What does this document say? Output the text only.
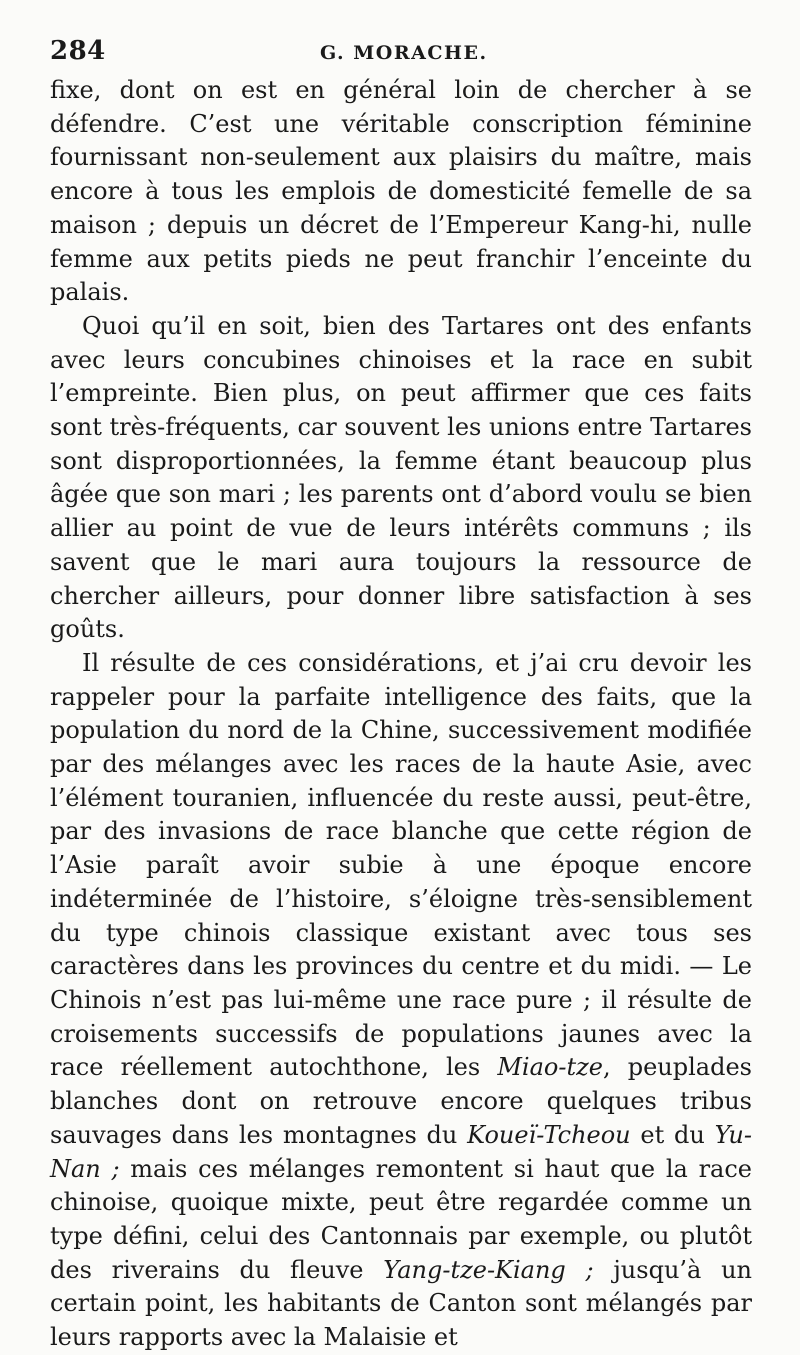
284	G. MORACHE.

fixe, dont on est en général loin de chercher à se défendre. C’est une véritable conscription féminine fournissant non-seulement aux plaisirs du maître, mais encore à tous les emplois de domesticité femelle de sa maison ; depuis un décret de l’Empereur Kang-hi, nulle femme aux petits pieds ne peut franchir l’enceinte du palais.

Quoi qu’il en soit, bien des Tartares ont des enfants avec leurs concubines chinoises et la race en subit l’empreinte. Bien plus, on peut affirmer que ces faits sont très-fréquents, car souvent les unions entre Tartares sont disproportionnées, la femme étant beaucoup plus âgée que son mari ; les parents ont d’abord voulu se bien allier au point de vue de leurs intérêts communs ; ils savent que le mari aura toujours la ressource de chercher ailleurs, pour donner libre satisfaction à ses goûts.

Il résulte de ces considérations, et j’ai cru devoir les rappeler pour la parfaite intelligence des faits, que la population du nord de la Chine, successivement modifiée par des mélanges avec les races de la haute Asie, avec l’élément touranien, influencée du reste aussi, peut-être, par des invasions de race blanche que cette région de l’Asie paraît avoir subie à une époque encore indéterminée de l’histoire, s’éloigne très-sensiblement du type chinois classique existant avec tous ses caractères dans les provinces du centre et du midi. — Le Chinois n’est pas lui-même une race pure ; il résulte de croisements successifs de populations jaunes avec la race réellement autochthone, les Miao-tze, peuplades blanches dont on retrouve encore quelques tribus sauvages dans les montagnes du Koueï-Tcheou et du Yu-Nan ; mais ces mélanges remontent si haut que la race chinoise, quoique mixte, peut être regardée comme un type défini, celui des Cantonnais par exemple, ou plutôt des riverains du fleuve Yang-tze-Kiang ; jusqu’à un certain point, les habitants de Canton sont mélangés par leurs rapports avec la Malaisie et
